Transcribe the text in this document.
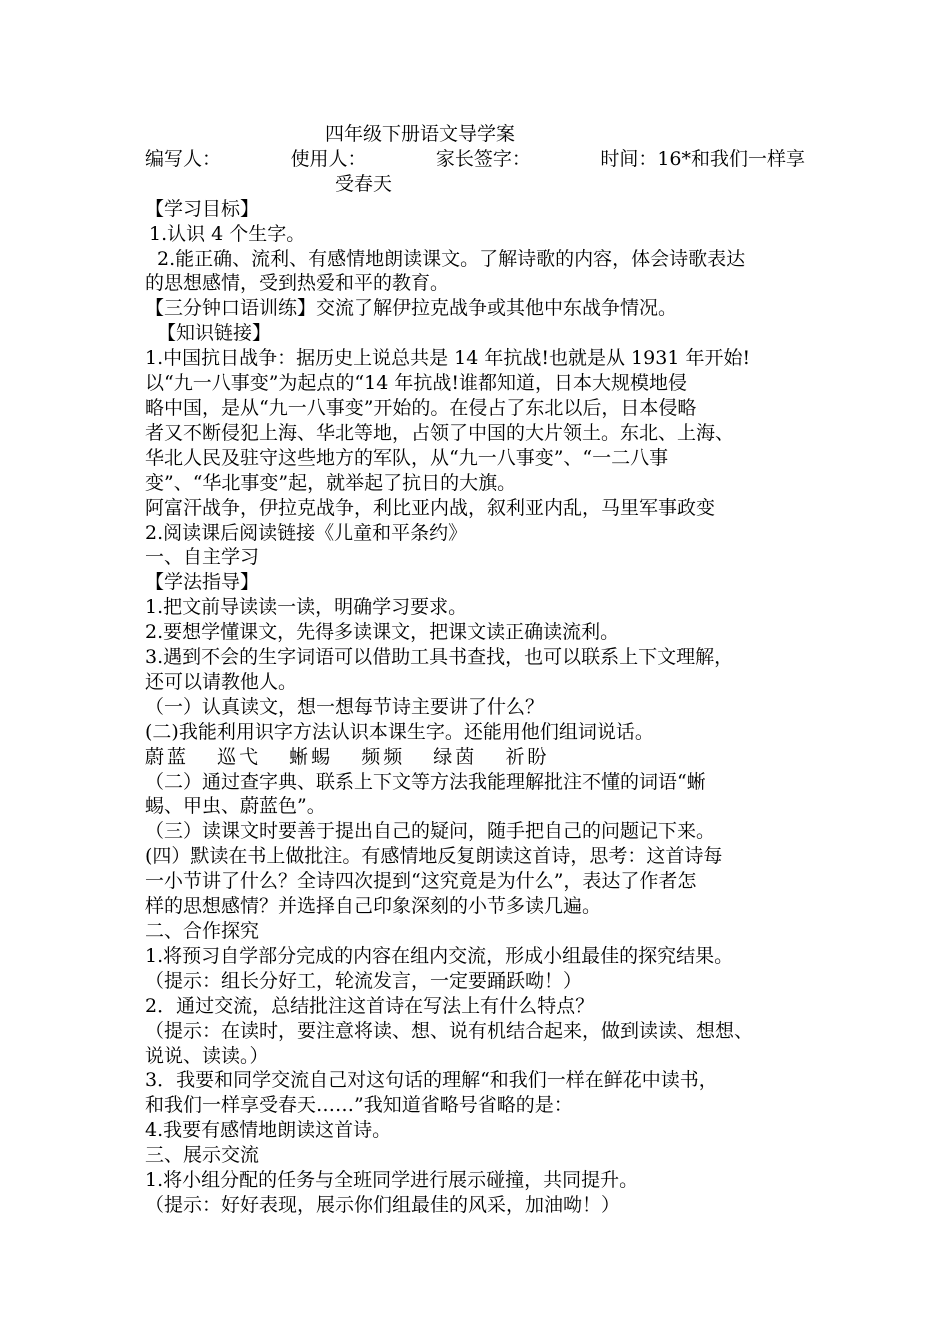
四年级下册语文导学案
编写人：	使用人：	家长签字：	时间：16*和我们一样享
受春天
【学习目标】
1.认识 4 个生字。
2.能正确、流利、有感情地朗读课文。了解诗歌的内容，体会诗歌表达
的思想感情，受到热爱和平的教育。
【三分钟口语训练】交流了解伊拉克战争或其他中东战争情况。
【知识链接】
1.中国抗日战争：据历史上说总共是 14 年抗战!也就是从 1931 年开始!
以“九一八事变”为起点的“14 年抗战!谁都知道，日本大规模地侵
略中国，是从“九一八事变”开始的。在侵占了东北以后，日本侵略
者又不断侵犯上海、华北等地，占领了中国的大片领土。东北、上海、
华北人民及驻守这些地方的军队，从“九一八事变”、“一二八事
变”、“华北事变”起，就举起了抗日的大旗。
阿富汗战争，伊拉克战争，利比亚内战，叙利亚内乱，马里军事政变
2.阅读课后阅读链接《儿童和平条约》
一、自主学习
【学法指导】
1.把文前导读读一读，明确学习要求。
2.要想学懂课文，先得多读课文，把课文读正确读流利。
3.遇到不会的生字词语可以借助工具书查找，也可以联系上下文理解，
还可以请教他人。
（一）认真读文，想一想每节诗主要讲了什么？
(二)我能利用识字方法认识本课生字。还能用他们组词说话。
蔚蓝 巡弋 蜥蜴 频频 绿茵 祈盼
（二）通过查字典、联系上下文等方法我能理解批注不懂的词语“蜥
蜴、甲虫、蔚蓝色”。
（三）读课文时要善于提出自己的疑问，随手把自己的问题记下来。
(四）默读在书上做批注。有感情地反复朗读这首诗，思考：这首诗每
一小节讲了什么？全诗四次提到“这究竟是为什么”，表达了作者怎
样的思想感情？并选择自己印象深刻的小节多读几遍。
二、合作探究
1.将预习自学部分完成的内容在组内交流，形成小组最佳的探究结果。
（提示：组长分好工，轮流发言，一定要踊跃呦！）
2．通过交流，总结批注这首诗在写法上有什么特点？
（提示：在读时，要注意将读、想、说有机结合起来，做到读读、想想、
说说、读读。）
3．我要和同学交流自己对这句话的理解“和我们一样在鲜花中读书，
和我们一样享受春天……”我知道省略号省略的是：
4.我要有感情地朗读这首诗。
三、展示交流
1.将小组分配的任务与全班同学进行展示碰撞，共同提升。
（提示：好好表现，展示你们组最佳的风采，加油呦！）
